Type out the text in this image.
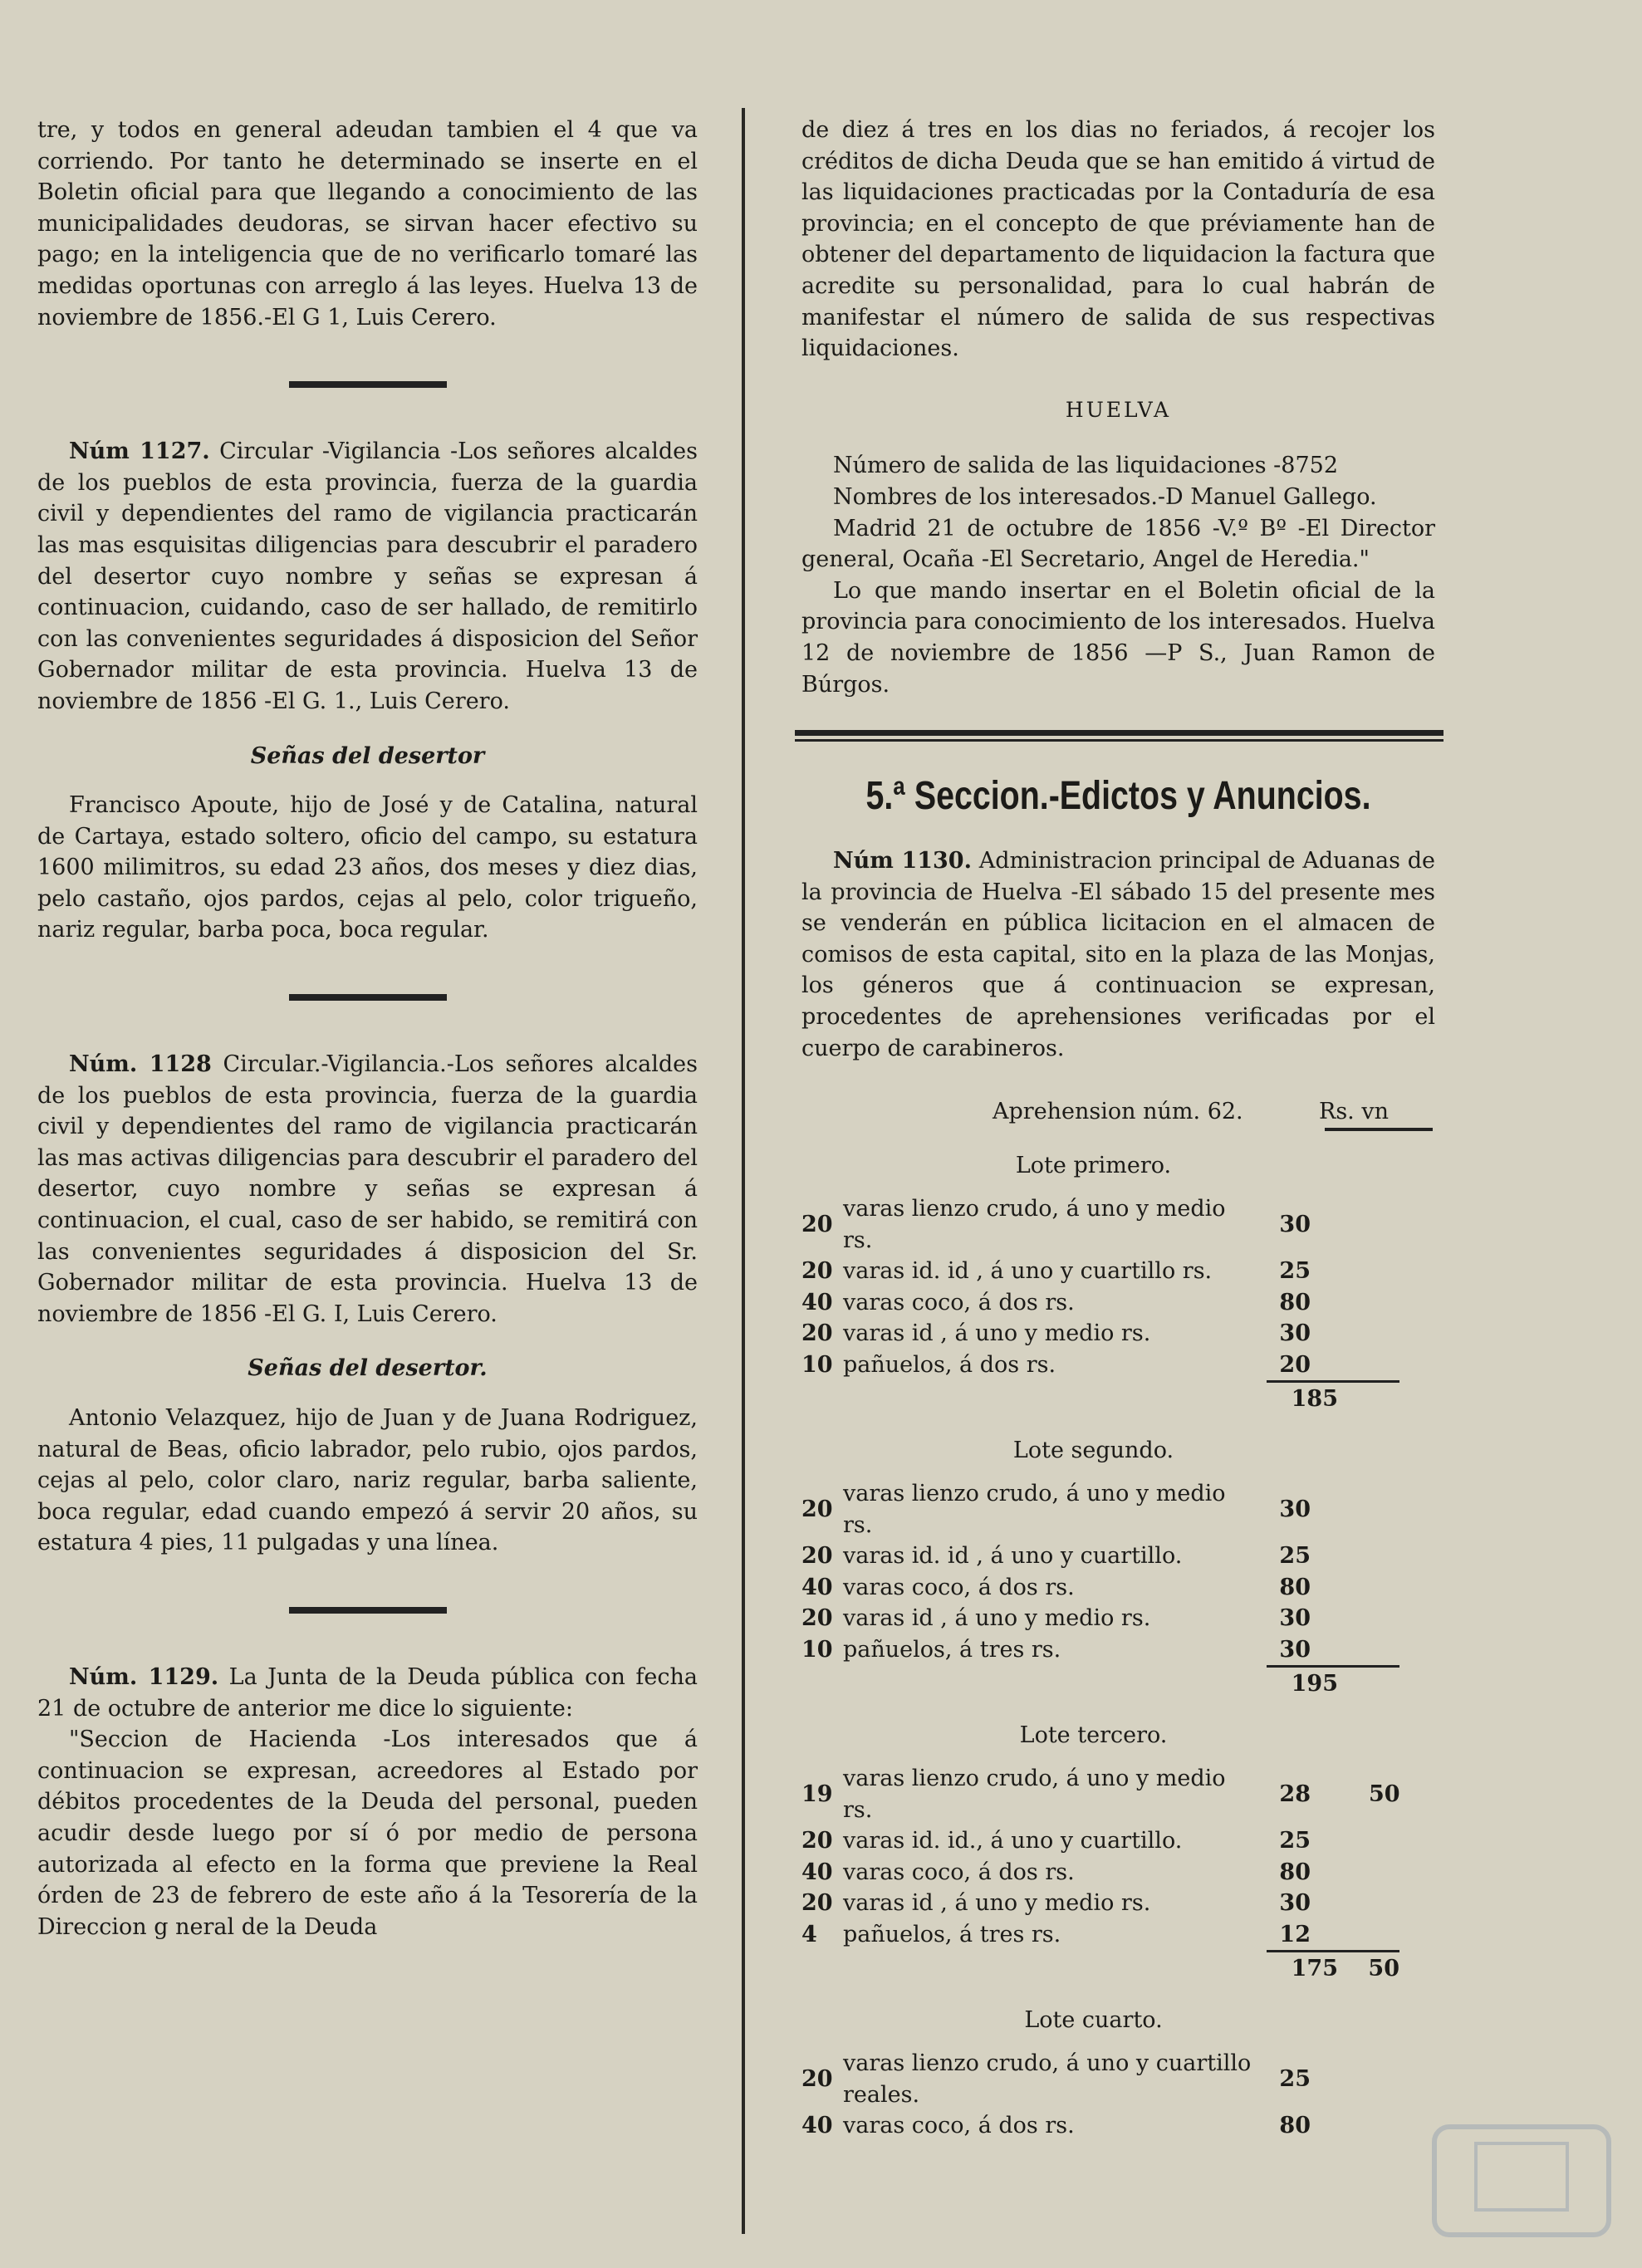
tre, y todos en general adeudan tambien el 4 que va corriendo. Por tanto he determinado se inserte en el Boletin oficial para que llegando a conocimiento de las municipalidades deudoras, se sirvan hacer efectivo su pago; en la inteligencia que de no verificarlo tomaré las medidas oportunas con arreglo á las leyes. Huelva 13 de noviembre de 1856.-El G 1, Luis Cerero.

Núm 1127. Circular -Vigilancia -Los señores alcaldes de los pueblos de esta provincia, fuerza de la guardia civil y dependientes del ramo de vigilancia practicarán las mas esquisitas diligencias para descubrir el paradero del desertor cuyo nombre y señas se expresan á continuacion, cuidando, caso de ser hallado, de remitirlo con las convenientes seguridades á disposicion del Señor Gobernador militar de esta provincia. Huelva 13 de noviembre de 1856 -El G. 1., Luis Cerero.

Señas del desertor

Francisco Apoute, hijo de José y de Catalina, natural de Cartaya, estado soltero, oficio del campo, su estatura 1600 milimitros, su edad 23 años, dos meses y diez dias, pelo castaño, ojos pardos, cejas al pelo, color trigueño, nariz regular, barba poca, boca regular.

Núm. 1128 Circular.-Vigilancia.-Los señores alcaldes de los pueblos de esta provincia, fuerza de la guardia civil y dependientes del ramo de vigilancia practicarán las mas activas diligencias para descubrir el paradero del desertor, cuyo nombre y señas se expresan á continuacion, el cual, caso de ser habido, se remitirá con las convenientes seguridades á disposicion del Sr. Gobernador militar de esta provincia. Huelva 13 de noviembre de 1856 -El G. I, Luis Cerero.

Señas del desertor.

Antonio Velazquez, hijo de Juan y de Juana Rodriguez, natural de Beas, oficio labrador, pelo rubio, ojos pardos, cejas al pelo, color claro, nariz regular, barba saliente, boca regular, edad cuando empezó á servir 20 años, su estatura 4 pies, 11 pulgadas y una línea.

Núm. 1129. La Junta de la Deuda pública con fecha 21 de octubre de anterior me dice lo siguiente:

"Seccion de Hacienda -Los interesados que á continuacion se expresan, acreedores al Estado por débitos procedentes de la Deuda del personal, pueden acudir desde luego por sí ó por medio de persona autorizada al efecto en la forma que previene la Real órden de 23 de febrero de este año á la Tesorería de la Direccion g neral de la Deuda

de diez á tres en los dias no feriados, á recojer los créditos de dicha Deuda que se han emitido á virtud de las liquidaciones practicadas por la Contaduría de esa provincia; en el concepto de que préviamente han de obtener del departamento de liquidacion la factura que acredite su personalidad, para lo cual habrán de manifestar el número de salida de sus respectivas liquidaciones.

HUELVA

Número de salida de las liquidaciones -8752

Nombres de los interesados.-D Manuel Gallego.

Madrid 21 de octubre de 1856 -V.º Bº -El Director general, Ocaña -El Secretario, Angel de Heredia."

Lo que mando insertar en el Boletin oficial de la provincia para conocimiento de los interesados. Huelva 12 de noviembre de 1856 —P S., Juan Ramon de Búrgos.

5.ª Seccion.-Edictos y Anuncios.

Núm 1130. Administracion principal de Aduanas de la provincia de Huelva -El sábado 15 del presente mes se venderán en pública licitacion en el almacen de comisos de esta capital, sito en la plaza de las Monjas, los géneros que á continuacion se expresan, procedentes de aprehensiones verificadas por el cuerpo de carabineros.

Aprehension núm. 62.	Rs. vn
Lote primero.
20	varas lienzo crudo, á uno y medio rs.	30	
20	varas id. id , á uno y cuartillo rs.	25	
40	varas coco, á dos rs.	80	
20	varas id , á uno y medio rs.	30	
10	pañuelos, á dos rs.	20	
185
Lote segundo.
20	varas lienzo crudo, á uno y medio rs.	30	
20	varas id. id , á uno y cuartillo.	25	
40	varas coco, á dos rs.	80	
20	varas id , á uno y medio rs.	30	
10	pañuelos, á tres rs.	30	
195
Lote tercero.
19	varas lienzo crudo, á uno y medio rs.	28	50
20	varas id. id., á uno y cuartillo.	25	
40	varas coco, á dos rs.	80	
20	varas id , á uno y medio rs.	30	
4	pañuelos, á tres rs.	12	
175 50
Lote cuarto.
20	varas lienzo crudo, á uno y cuartillo reales.	25	
40	varas coco, á dos rs.	80	
